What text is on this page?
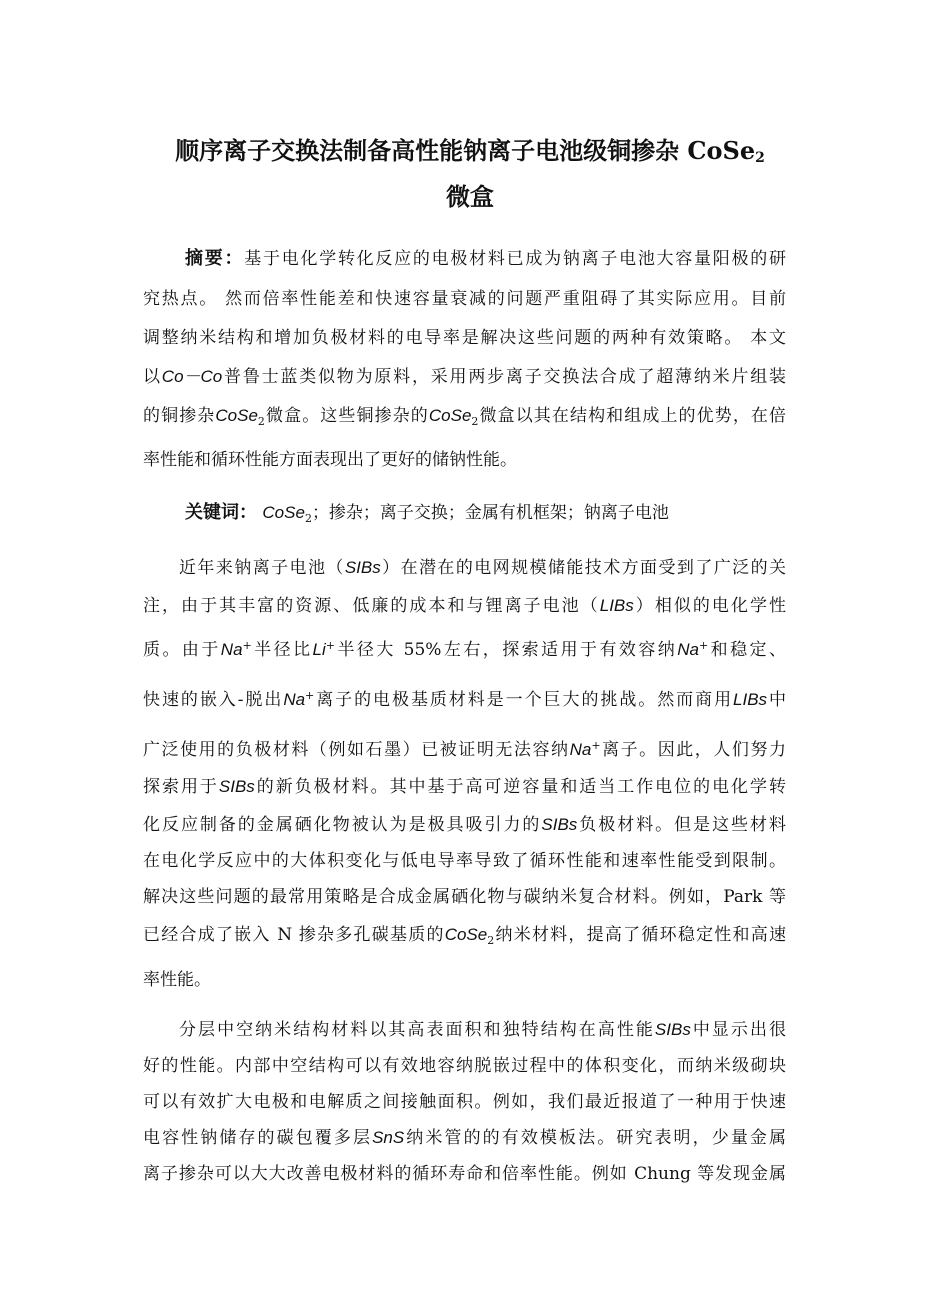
顺序离子交换法制备高性能钠离子电池级铜掺杂 CoSe$_2$
微盒
摘要：基于电化学转化反应的电极材料已成为钠离子电池大容量阳极的研
究热点。 然而倍率性能差和快速容量衰减的问题严重阻碍了其实际应用。目前
调整纳米结构和增加负极材料的电导率是解决这些问题的两种有效策略。 本文
以Co－Co普鲁士蓝类似物为原料，采用两步离子交换法合成了超薄纳米片组装
的铜掺杂CoSe$_2$微盒。这些铜掺杂的CoSe$_2$微盒以其在结构和组成上的优势，在倍
率性能和循环性能方面表现出了更好的储钠性能。
关键词： CoSe$_2$；掺杂；离子交换；金属有机框架；钠离子电池
近年来钠离子电池（SIBs）在潜在的电网规模储能技术方面受到了广泛的关
注，由于其丰富的资源、低廉的成本和与锂离子电池（LIBs）相似的电化学性
质。由于Na+半径比Li+半径大 55%左右，探索适用于有效容纳Na+和稳定、
快速的嵌入-脱出Na+离子的电极基质材料是一个巨大的挑战。然而商用LIBs中
广泛使用的负极材料（例如石墨）已被证明无法容纳Na+离子。因此，人们努力
探索用于SIBs的新负极材料。其中基于高可逆容量和适当工作电位的电化学转
化反应制备的金属硒化物被认为是极具吸引力的SIBs负极材料。但是这些材料
在电化学反应中的大体积变化与低电导率导致了循环性能和速率性能受到限制。
解决这些问题的最常用策略是合成金属硒化物与碳纳米复合材料。例如，Park 等
已经合成了嵌入 N 掺杂多孔碳基质的CoSe$_2$纳米材料，提高了循环稳定性和高速
率性能。
分层中空纳米结构材料以其高表面积和独特结构在高性能SIBs中显示出很
好的性能。内部中空结构可以有效地容纳脱嵌过程中的体积变化，而纳米级砌块
可以有效扩大电极和电解质之间接触面积。例如，我们最近报道了一种用于快速
电容性钠储存的碳包覆多层SnS纳米管的的有效模板法。研究表明，少量金属
离子掺杂可以大大改善电极材料的循环寿命和倍率性能。例如 Chung 等发现金属
